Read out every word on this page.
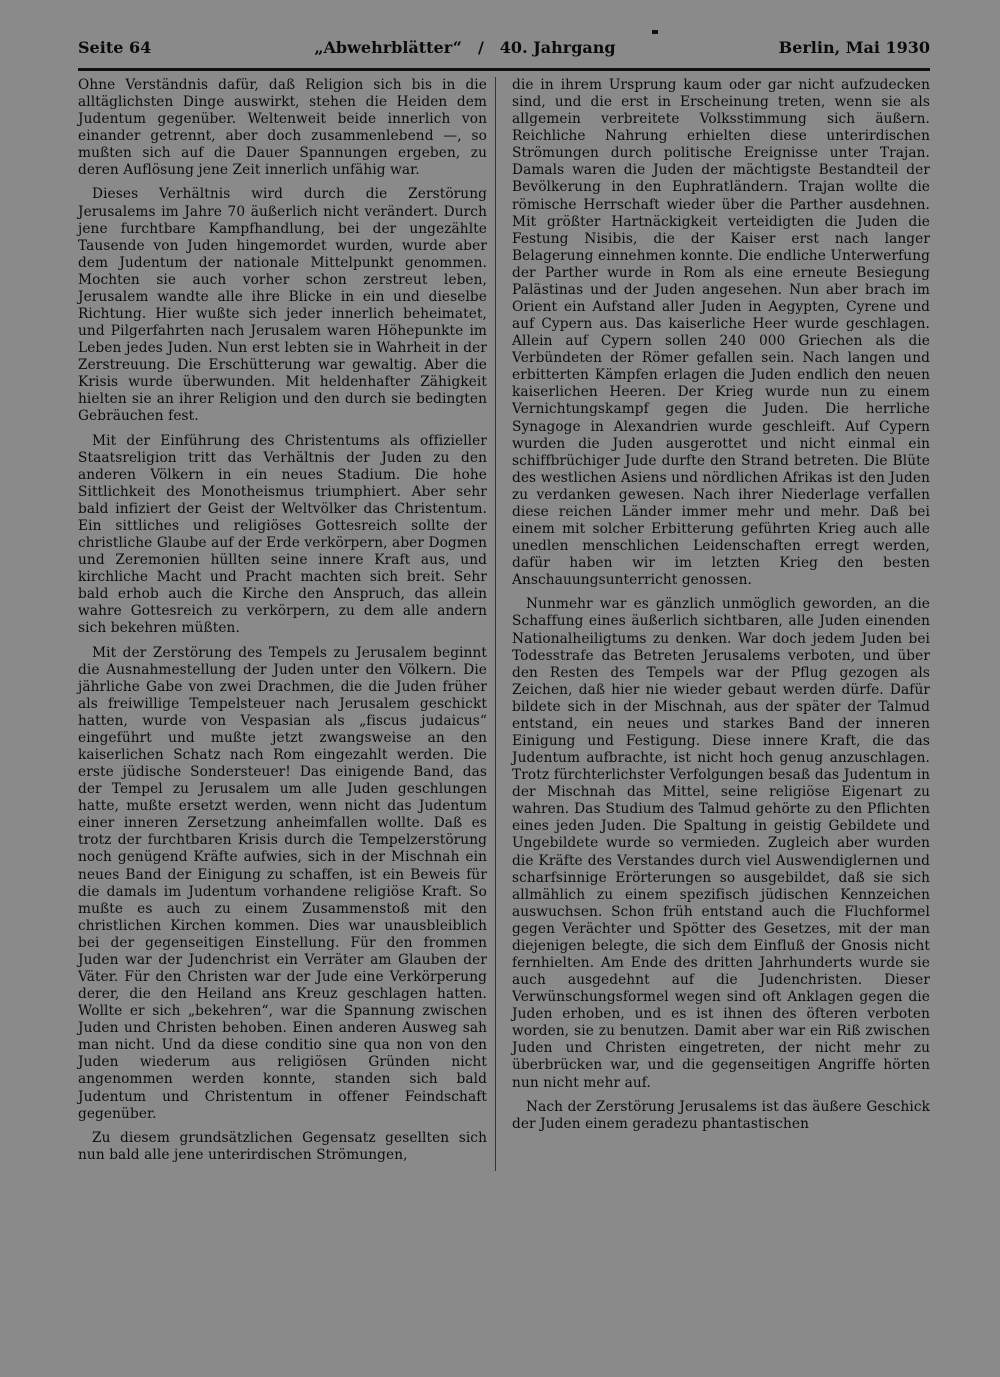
Seite 64	„Abwehrblätter“ / 40. Jahrgang	Berlin, Mai 1930

Ohne Verständnis dafür, daß Religion sich bis in die alltäglichsten Dinge auswirkt, stehen die Heiden dem Judentum gegenüber. Weltenweit beide innerlich von einander getrennt, aber doch zusammenlebend —, so mußten sich auf die Dauer Spannungen ergeben, zu deren Auflösung jene Zeit innerlich unfähig war.

Dieses Verhältnis wird durch die Zerstörung Jerusalems im Jahre 70 äußerlich nicht verändert. Durch jene furchtbare Kampfhandlung, bei der ungezählte Tausende von Juden hingemordet wurden, wurde aber dem Judentum der nationale Mittelpunkt genommen. Mochten sie auch vorher schon zerstreut leben, Jerusalem wandte alle ihre Blicke in ein und dieselbe Richtung. Hier wußte sich jeder innerlich beheimatet, und Pilgerfahrten nach Jerusalem waren Höhepunkte im Leben jedes Juden. Nun erst lebten sie in Wahrheit in der Zerstreuung. Die Erschütterung war gewaltig. Aber die Krisis wurde überwunden. Mit heldenhafter Zähigkeit hielten sie an ihrer Religion und den durch sie bedingten Gebräuchen fest.

Mit der Einführung des Christentums als offizieller Staatsreligion tritt das Verhältnis der Juden zu den anderen Völkern in ein neues Stadium. Die hohe Sittlichkeit des Monotheismus triumphiert. Aber sehr bald infiziert der Geist der Weltvölker das Christentum. Ein sittliches und religiöses Gottesreich sollte der christliche Glaube auf der Erde verkörpern, aber Dogmen und Zeremonien hüllten seine innere Kraft aus, und kirchliche Macht und Pracht machten sich breit. Sehr bald erhob auch die Kirche den Anspruch, das allein wahre Gottesreich zu verkörpern, zu dem alle andern sich bekehren müßten.

Mit der Zerstörung des Tempels zu Jerusalem beginnt die Ausnahmestellung der Juden unter den Völkern. Die jährliche Gabe von zwei Drachmen, die die Juden früher als freiwillige Tempelsteuer nach Jerusalem geschickt hatten, wurde von Vespasian als „fiscus judaicus“ eingeführt und mußte jetzt zwangsweise an den kaiserlichen Schatz nach Rom eingezahlt werden. Die erste jüdische Sondersteuer! Das einigende Band, das der Tempel zu Jerusalem um alle Juden geschlungen hatte, mußte ersetzt werden, wenn nicht das Judentum einer inneren Zersetzung anheimfallen wollte. Daß es trotz der furchtbaren Krisis durch die Tempelzerstörung noch genügend Kräfte aufwies, sich in der Mischnah ein neues Band der Einigung zu schaffen, ist ein Beweis für die damals im Judentum vorhandene religiöse Kraft. So mußte es auch zu einem Zusammenstoß mit den christlichen Kirchen kommen. Dies war unausbleiblich bei der gegenseitigen Einstellung. Für den frommen Juden war der Judenchrist ein Verräter am Glauben der Väter. Für den Christen war der Jude eine Verkörperung derer, die den Heiland ans Kreuz geschlagen hatten. Wollte er sich „bekehren“, war die Spannung zwischen Juden und Christen behoben. Einen anderen Ausweg sah man nicht. Und da diese conditio sine qua non von den Juden wiederum aus religiösen Gründen nicht angenommen werden konnte, standen sich bald Judentum und Christentum in offener Feindschaft gegenüber.

Zu diesem grundsätzlichen Gegensatz gesellten sich nun bald alle jene unterirdischen Strömungen,

die in ihrem Ursprung kaum oder gar nicht aufzudecken sind, und die erst in Erscheinung treten, wenn sie als allgemein verbreitete Volksstimmung sich äußern. Reichliche Nahrung erhielten diese unterirdischen Strömungen durch politische Ereignisse unter Trajan. Damals waren die Juden der mächtigste Bestandteil der Bevölkerung in den Euphratländern. Trajan wollte die römische Herrschaft wieder über die Parther ausdehnen. Mit größter Hartnäckigkeit verteidigten die Juden die Festung Nisibis, die der Kaiser erst nach langer Belagerung einnehmen konnte. Die endliche Unterwerfung der Parther wurde in Rom als eine erneute Besiegung Palästinas und der Juden angesehen. Nun aber brach im Orient ein Aufstand aller Juden in Aegypten, Cyrene und auf Cypern aus. Das kaiserliche Heer wurde geschlagen. Allein auf Cypern sollen 240 000 Griechen als die Verbündeten der Römer gefallen sein. Nach langen und erbitterten Kämpfen erlagen die Juden endlich den neuen kaiserlichen Heeren. Der Krieg wurde nun zu einem Vernichtungskampf gegen die Juden. Die herrliche Synagoge in Alexandrien wurde geschleift. Auf Cypern wurden die Juden ausgerottet und nicht einmal ein schiffbrüchiger Jude durfte den Strand betreten. Die Blüte des westlichen Asiens und nördlichen Afrikas ist den Juden zu verdanken gewesen. Nach ihrer Niederlage verfallen diese reichen Länder immer mehr und mehr. Daß bei einem mit solcher Erbitterung geführten Krieg auch alle unedlen menschlichen Leidenschaften erregt werden, dafür haben wir im letzten Krieg den besten Anschauungsunterricht genossen.

Nunmehr war es gänzlich unmöglich geworden, an die Schaffung eines äußerlich sichtbaren, alle Juden einenden Nationalheiligtums zu denken. War doch jedem Juden bei Todesstrafe das Betreten Jerusalems verboten, und über den Resten des Tempels war der Pflug gezogen als Zeichen, daß hier nie wieder gebaut werden dürfe. Dafür bildete sich in der Mischnah, aus der später der Talmud entstand, ein neues und starkes Band der inneren Einigung und Festigung. Diese innere Kraft, die das Judentum aufbrachte, ist nicht hoch genug anzuschlagen. Trotz fürchterlichster Verfolgungen besaß das Judentum in der Mischnah das Mittel, seine religiöse Eigenart zu wahren. Das Studium des Talmud gehörte zu den Pflichten eines jeden Juden. Die Spaltung in geistig Gebildete und Ungebildete wurde so vermieden. Zugleich aber wurden die Kräfte des Verstandes durch viel Auswendiglernen und scharfsinnige Erörterungen so ausgebildet, daß sie sich allmählich zu einem spezifisch jüdischen Kennzeichen auswuchsen. Schon früh entstand auch die Fluchformel gegen Verächter und Spötter des Gesetzes, mit der man diejenigen belegte, die sich dem Einfluß der Gnosis nicht fernhielten. Am Ende des dritten Jahrhunderts wurde sie auch ausgedehnt auf die Judenchristen. Dieser Verwünschungsformel wegen sind oft Anklagen gegen die Juden erhoben, und es ist ihnen des öfteren verboten worden, sie zu benutzen. Damit aber war ein Riß zwischen Juden und Christen eingetreten, der nicht mehr zu überbrücken war, und die gegenseitigen Angriffe hörten nun nicht mehr auf.

Nach der Zerstörung Jerusalems ist das äußere Geschick der Juden einem geradezu phantastischen
